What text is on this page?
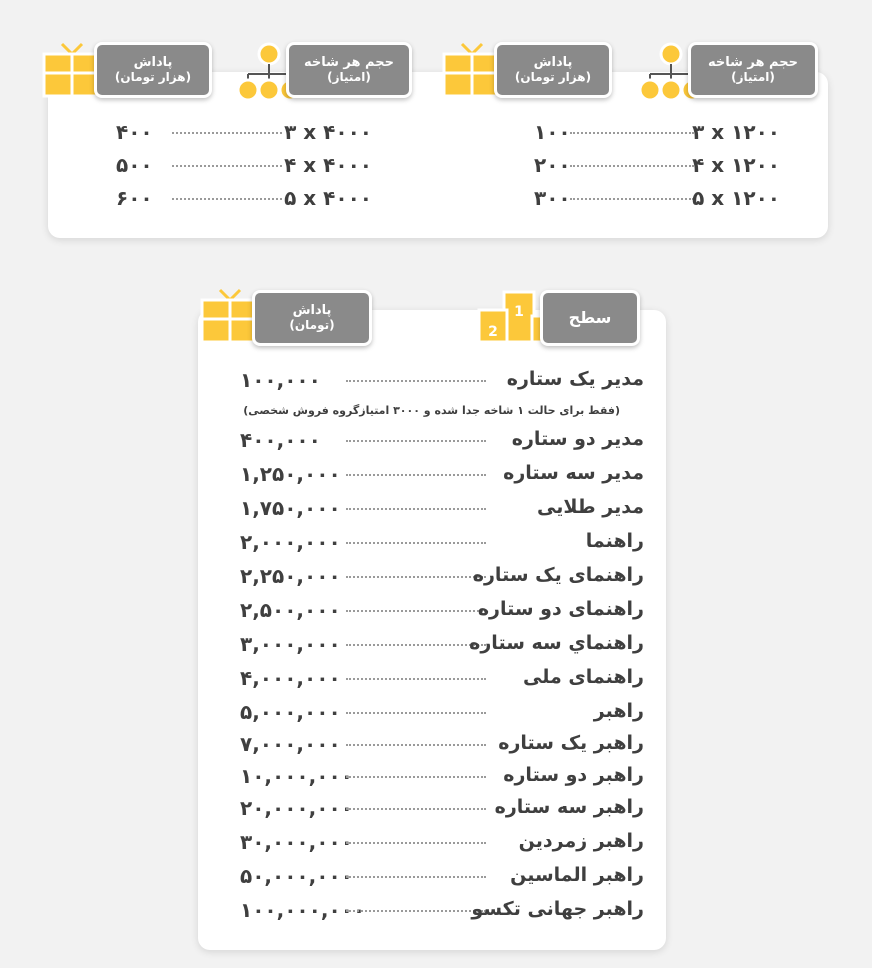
حجم هر شاخه
(امتیاز)
پاداش
(هزار تومان)
حجم هر شاخه
(امتیاز)
پاداش
(هزار تومان)
۱۰۰	۳ x ۱۲۰۰
۲۰۰	۴ x ۱۲۰۰
۳۰۰	۵ x ۱۲۰۰
۴۰۰	۳ x ۴۰۰۰
۵۰۰	۴ x ۴۰۰۰
۶۰۰	۵ x ۴۰۰۰
1
2
سطح
پاداش
(تومان)
۱۰۰,۰۰۰	مدیر یک ستاره
۴۰۰,۰۰۰	مدیر دو ستاره
۱,۲۵۰,۰۰۰	مدیر سه ستاره
۱,۷۵۰,۰۰۰	مدیر طلایی
۲,۰۰۰,۰۰۰	راهنما
۲,۲۵۰,۰۰۰	راهنمای یک ستاره
۲,۵۰۰,۰۰۰	راهنمای دو ستاره
۳,۰۰۰,۰۰۰	راهنماي سه ستاره
۴,۰۰۰,۰۰۰	راهنمای ملی
۵,۰۰۰,۰۰۰	راهبر
۷,۰۰۰,۰۰۰	راهبر یک ستاره
۱۰,۰۰۰,۰۰۰	راهبر دو ستاره
۲۰,۰۰۰,۰۰۰	راهبر سه ستاره
۳۰,۰۰۰,۰۰۰	راهبر زمردین
۵۰,۰۰۰,۰۰۰	راهبر الماسین
۱۰۰,۰۰۰,۰۰۰	راهبر جهانی تکسو
(فقط برای حالت ۱ شاخه جدا شده و ۳۰۰۰ امتیازگروه فروش شخصی)
